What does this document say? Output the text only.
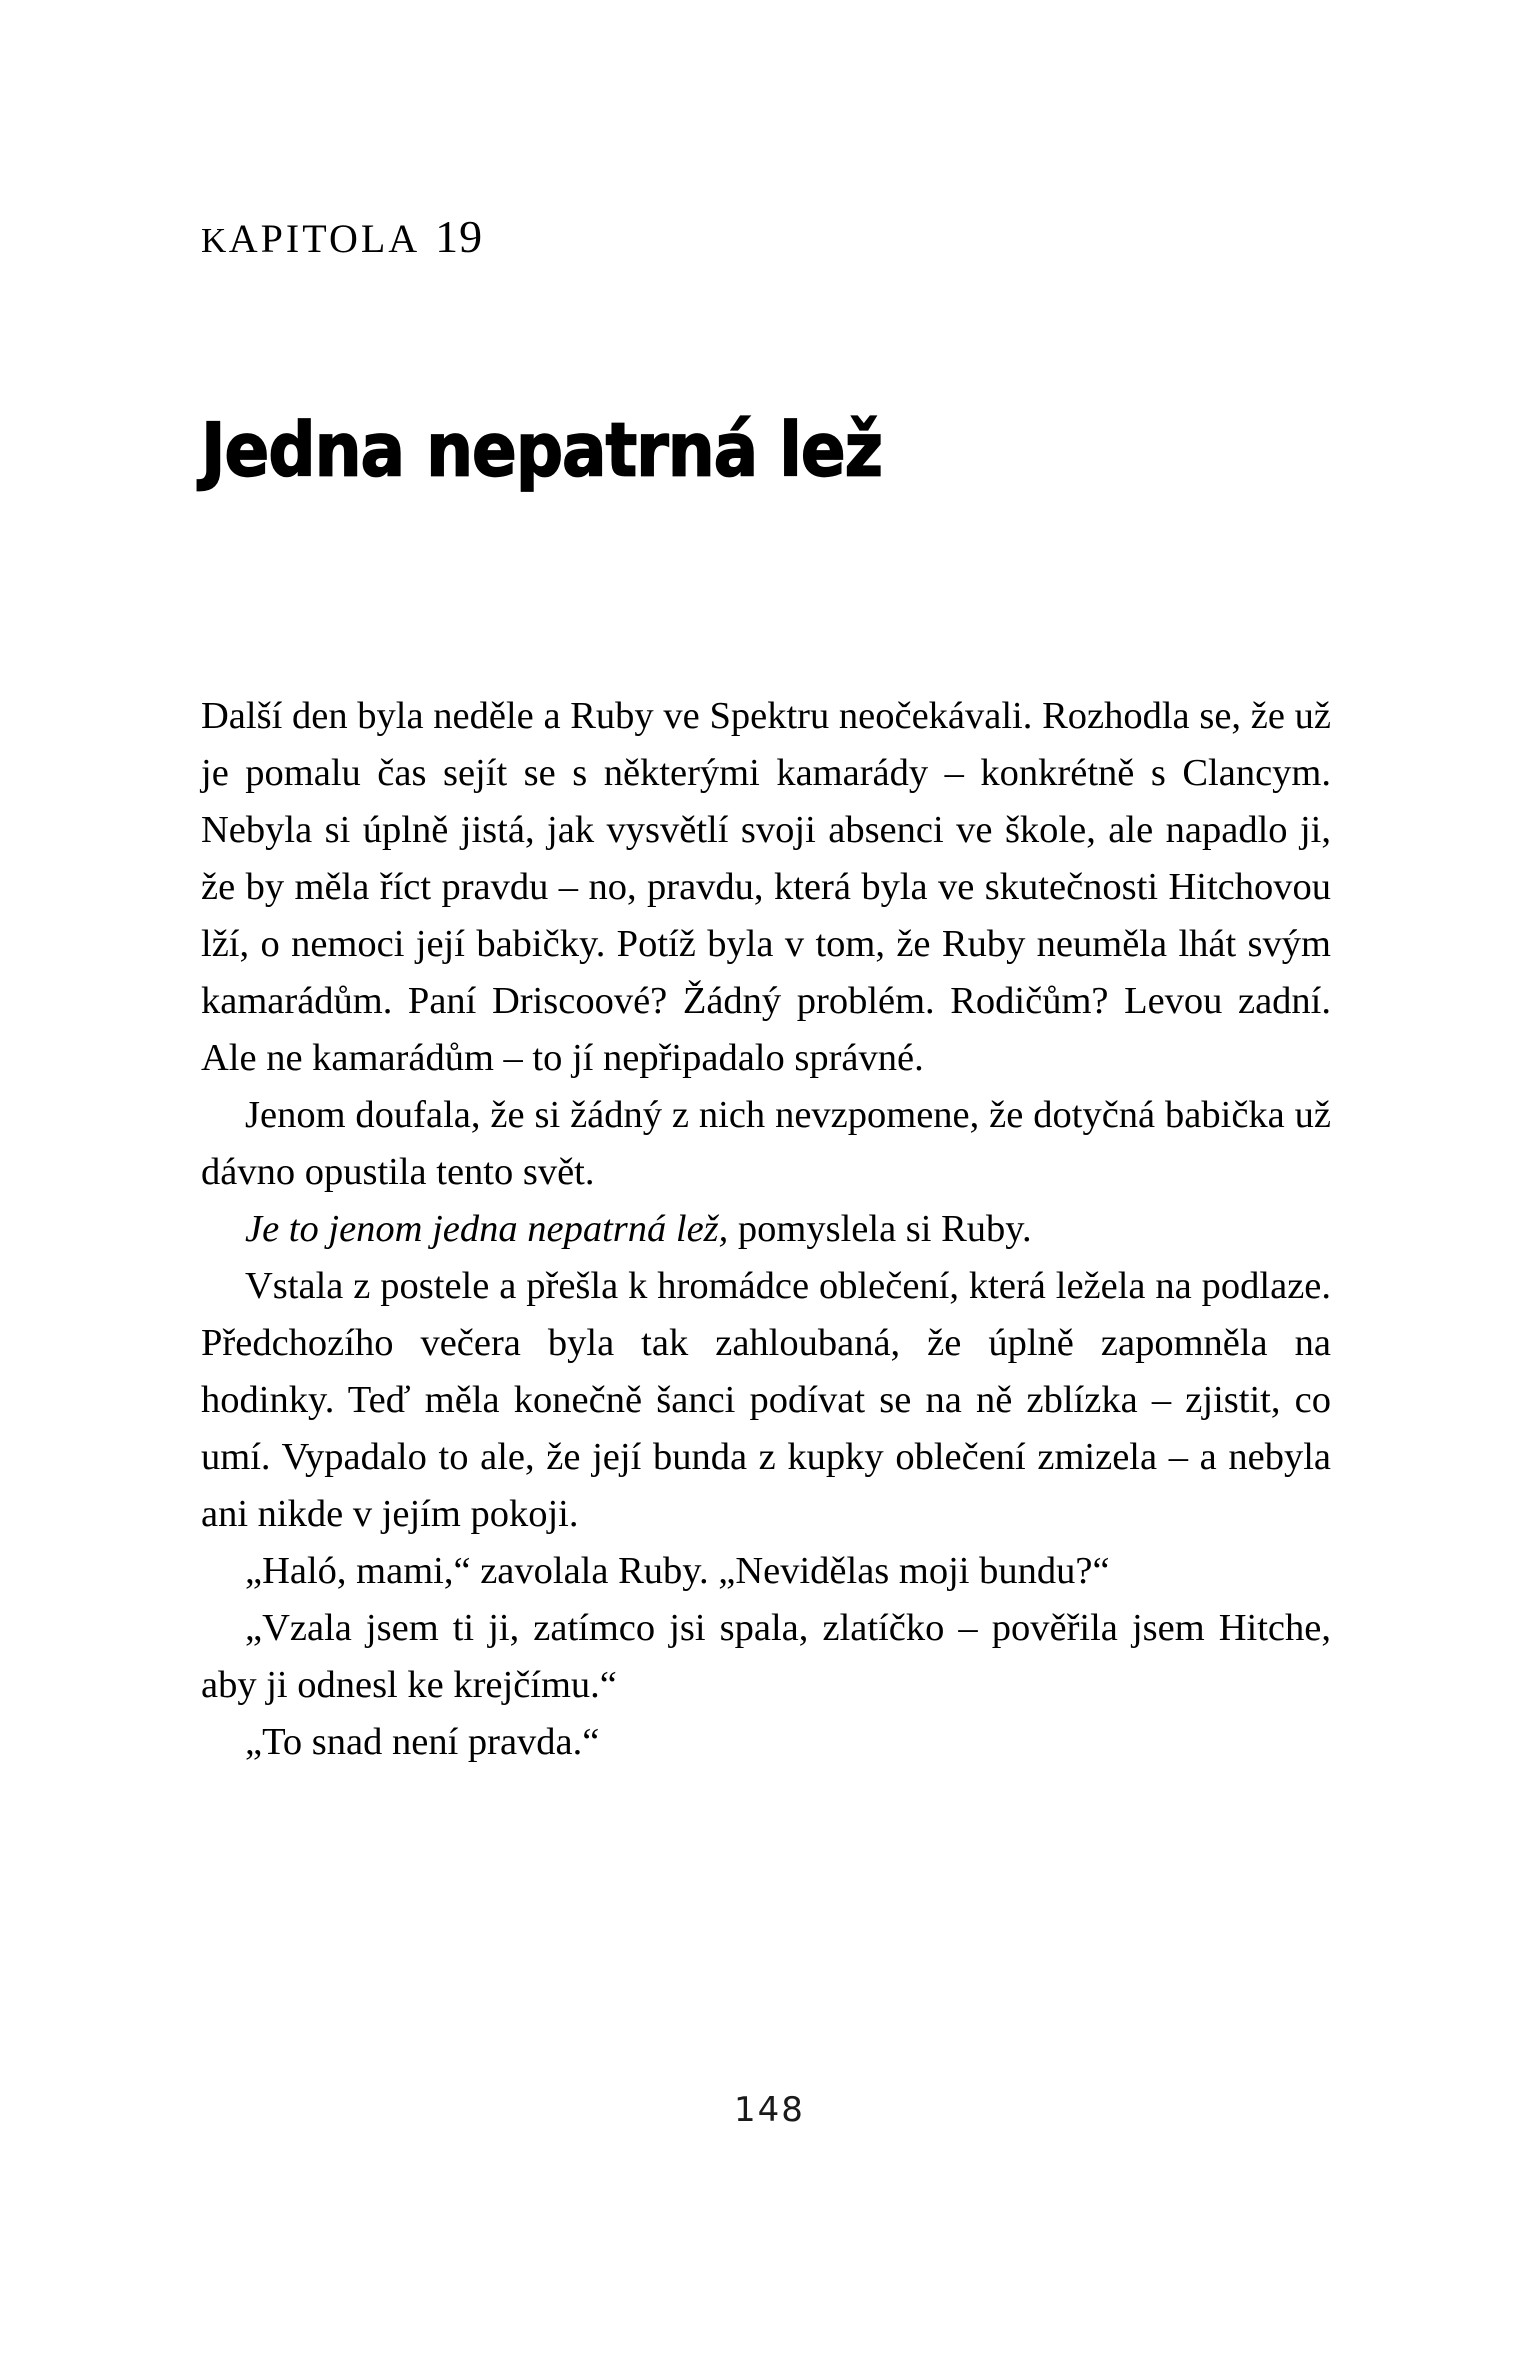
kAPITOLA 19
Jedna nepatrná lež

Další den byla neděle a Ruby ve Spektru neočekávali. Rozhodla se, že už je pomalu čas sejít se s některými kamarády – konkrétně s Clancym. Nebyla si úplně jistá, jak vysvětlí svoji absenci ve škole, ale napadlo ji, že by měla říct pravdu – no, pravdu, která byla ve skutečnosti Hitchovou lží, o nemoci její babičky. Potíž byla v tom, že Ruby neuměla lhát svým kamarádům. Paní Driscoové? Žádný problém. Rodičům? Levou zadní. Ale ne kamarádům – to jí nepřipadalo správné.

Jenom doufala, že si žádný z nich nevzpomene, že dotyčná babička už dávno opustila tento svět.

Je to jenom jedna nepatrná lež, pomyslela si Ruby.

Vstala z postele a přešla k hromádce oblečení, která ležela na podlaze. Předchozího večera byla tak zahloubaná, že úplně zapomněla na hodinky. Teď měla konečně šanci podívat se na ně zblízka – zjistit, co umí. Vypadalo to ale, že její bunda z kupky oblečení zmizela – a nebyla ani nikde v jejím pokoji.

„Haló, mami,“ zavolala Ruby. „Nevidělas moji bundu?“

„Vzala jsem ti ji, zatímco jsi spala, zlatíčko – pověřila jsem Hitche, aby ji odnesl ke krejčímu.“

„To snad není pravda.“

148
